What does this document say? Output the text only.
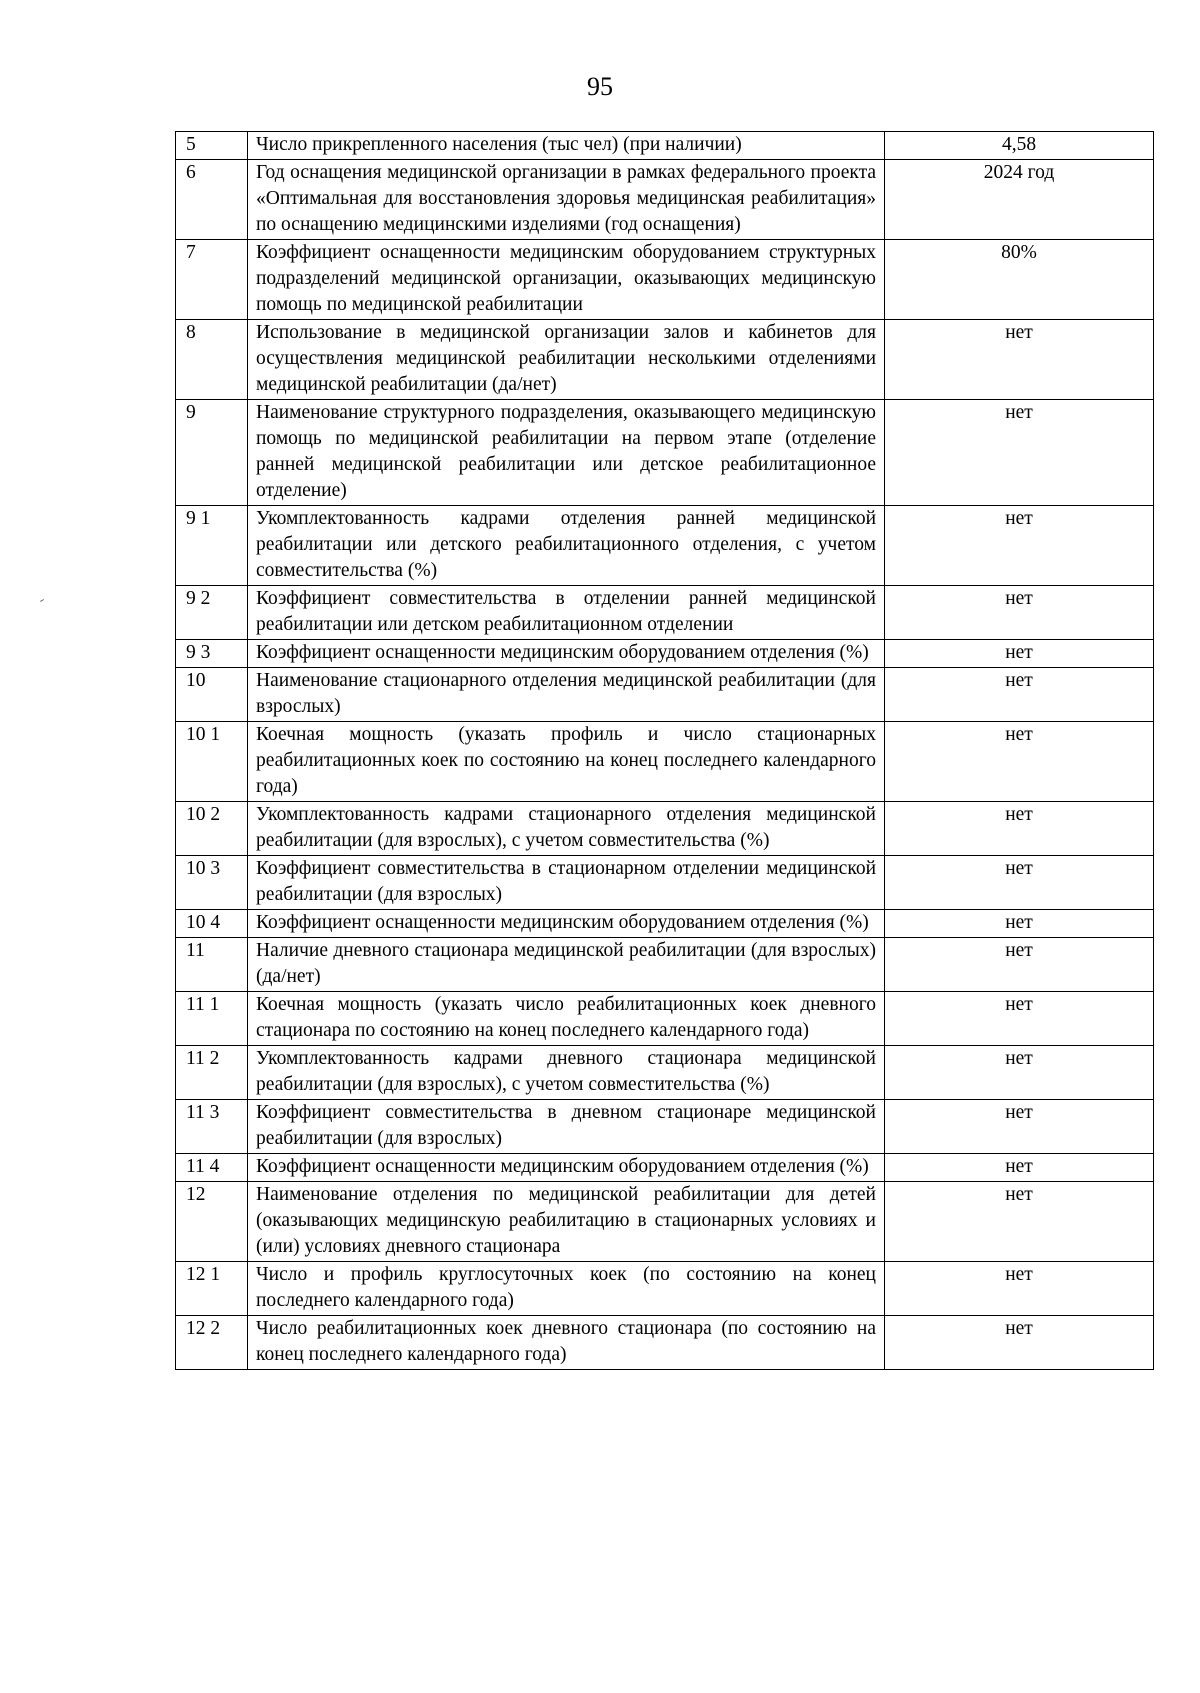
95
5	Число прикрепленного населения (тыс чел) (при наличии)	4,58
6	Год оснащения медицинской организации в рамках федерального проекта «Оптимальная для восстановления здоровья медицинская реабилитация» по оснащению медицинскими изделиями (год оснащения)	2024 год
7	Коэффициент оснащенности медицинским оборудованием структурных подразделений медицинской организации, оказывающих медицинскую помощь по медицинской реабилитации	80%
8	Использование в медицинской организации залов и кабинетов для осуществления медицинской реабилитации несколькими отделениями медицинской реабилитации (да/нет)	нет
9	Наименование структурного подразделения, оказывающего медицинскую помощь по медицинской реабилитации на первом этапе (отделение ранней медицинской реабилитации или детское реабилитационное отделение)	нет
9 1	Укомплектованность кадрами отделения ранней медицинской реабилитации или детского реабилитационного отделения, с учетом совместительства (%)	нет
9 2	Коэффициент совместительства в отделении ранней медицинской реабилитации или детском реабилитационном отделении	нет
9 3	Коэффициент оснащенности медицинским оборудованием отделения (%)	нет
10	Наименование стационарного отделения медицинской реабилитации (для взрослых)	нет
10 1	Коечная мощность (указать профиль и число стационарных реабилитационных коек по состоянию на конец последнего календарного года)	нет
10 2	Укомплектованность кадрами стационарного отделения медицинской реабилитации (для взрослых), с учетом совместительства (%)	нет
10 3	Коэффициент совместительства в стационарном отделении медицинской реабилитации (для взрослых)	нет
10 4	Коэффициент оснащенности медицинским оборудованием отделения (%)	нет
11	Наличие дневного стационара медицинской реабилитации (для взрослых) (да/нет)	нет
11 1	Коечная мощность (указать число реабилитационных коек дневного стационара по состоянию на конец последнего календарного года)	нет
11 2	Укомплектованность кадрами дневного стационара медицинской реабилитации (для взрослых), с учетом совместительства (%)	нет
11 3	Коэффициент совместительства в дневном стационаре медицинской реабилитации (для взрослых)	нет
11 4	Коэффициент оснащенности медицинским оборудованием отделения (%)	нет
12	Наименование отделения по медицинской реабилитации для детей (оказывающих медицинскую реабилитацию в стационарных условиях и (или) условиях дневного стационара	нет
12 1	Число и профиль круглосуточных коек (по состоянию на конец последнего календарного года)	нет
12 2	Число реабилитационных коек дневного стационара (по состоянию на конец последнего календарного года)	нет
